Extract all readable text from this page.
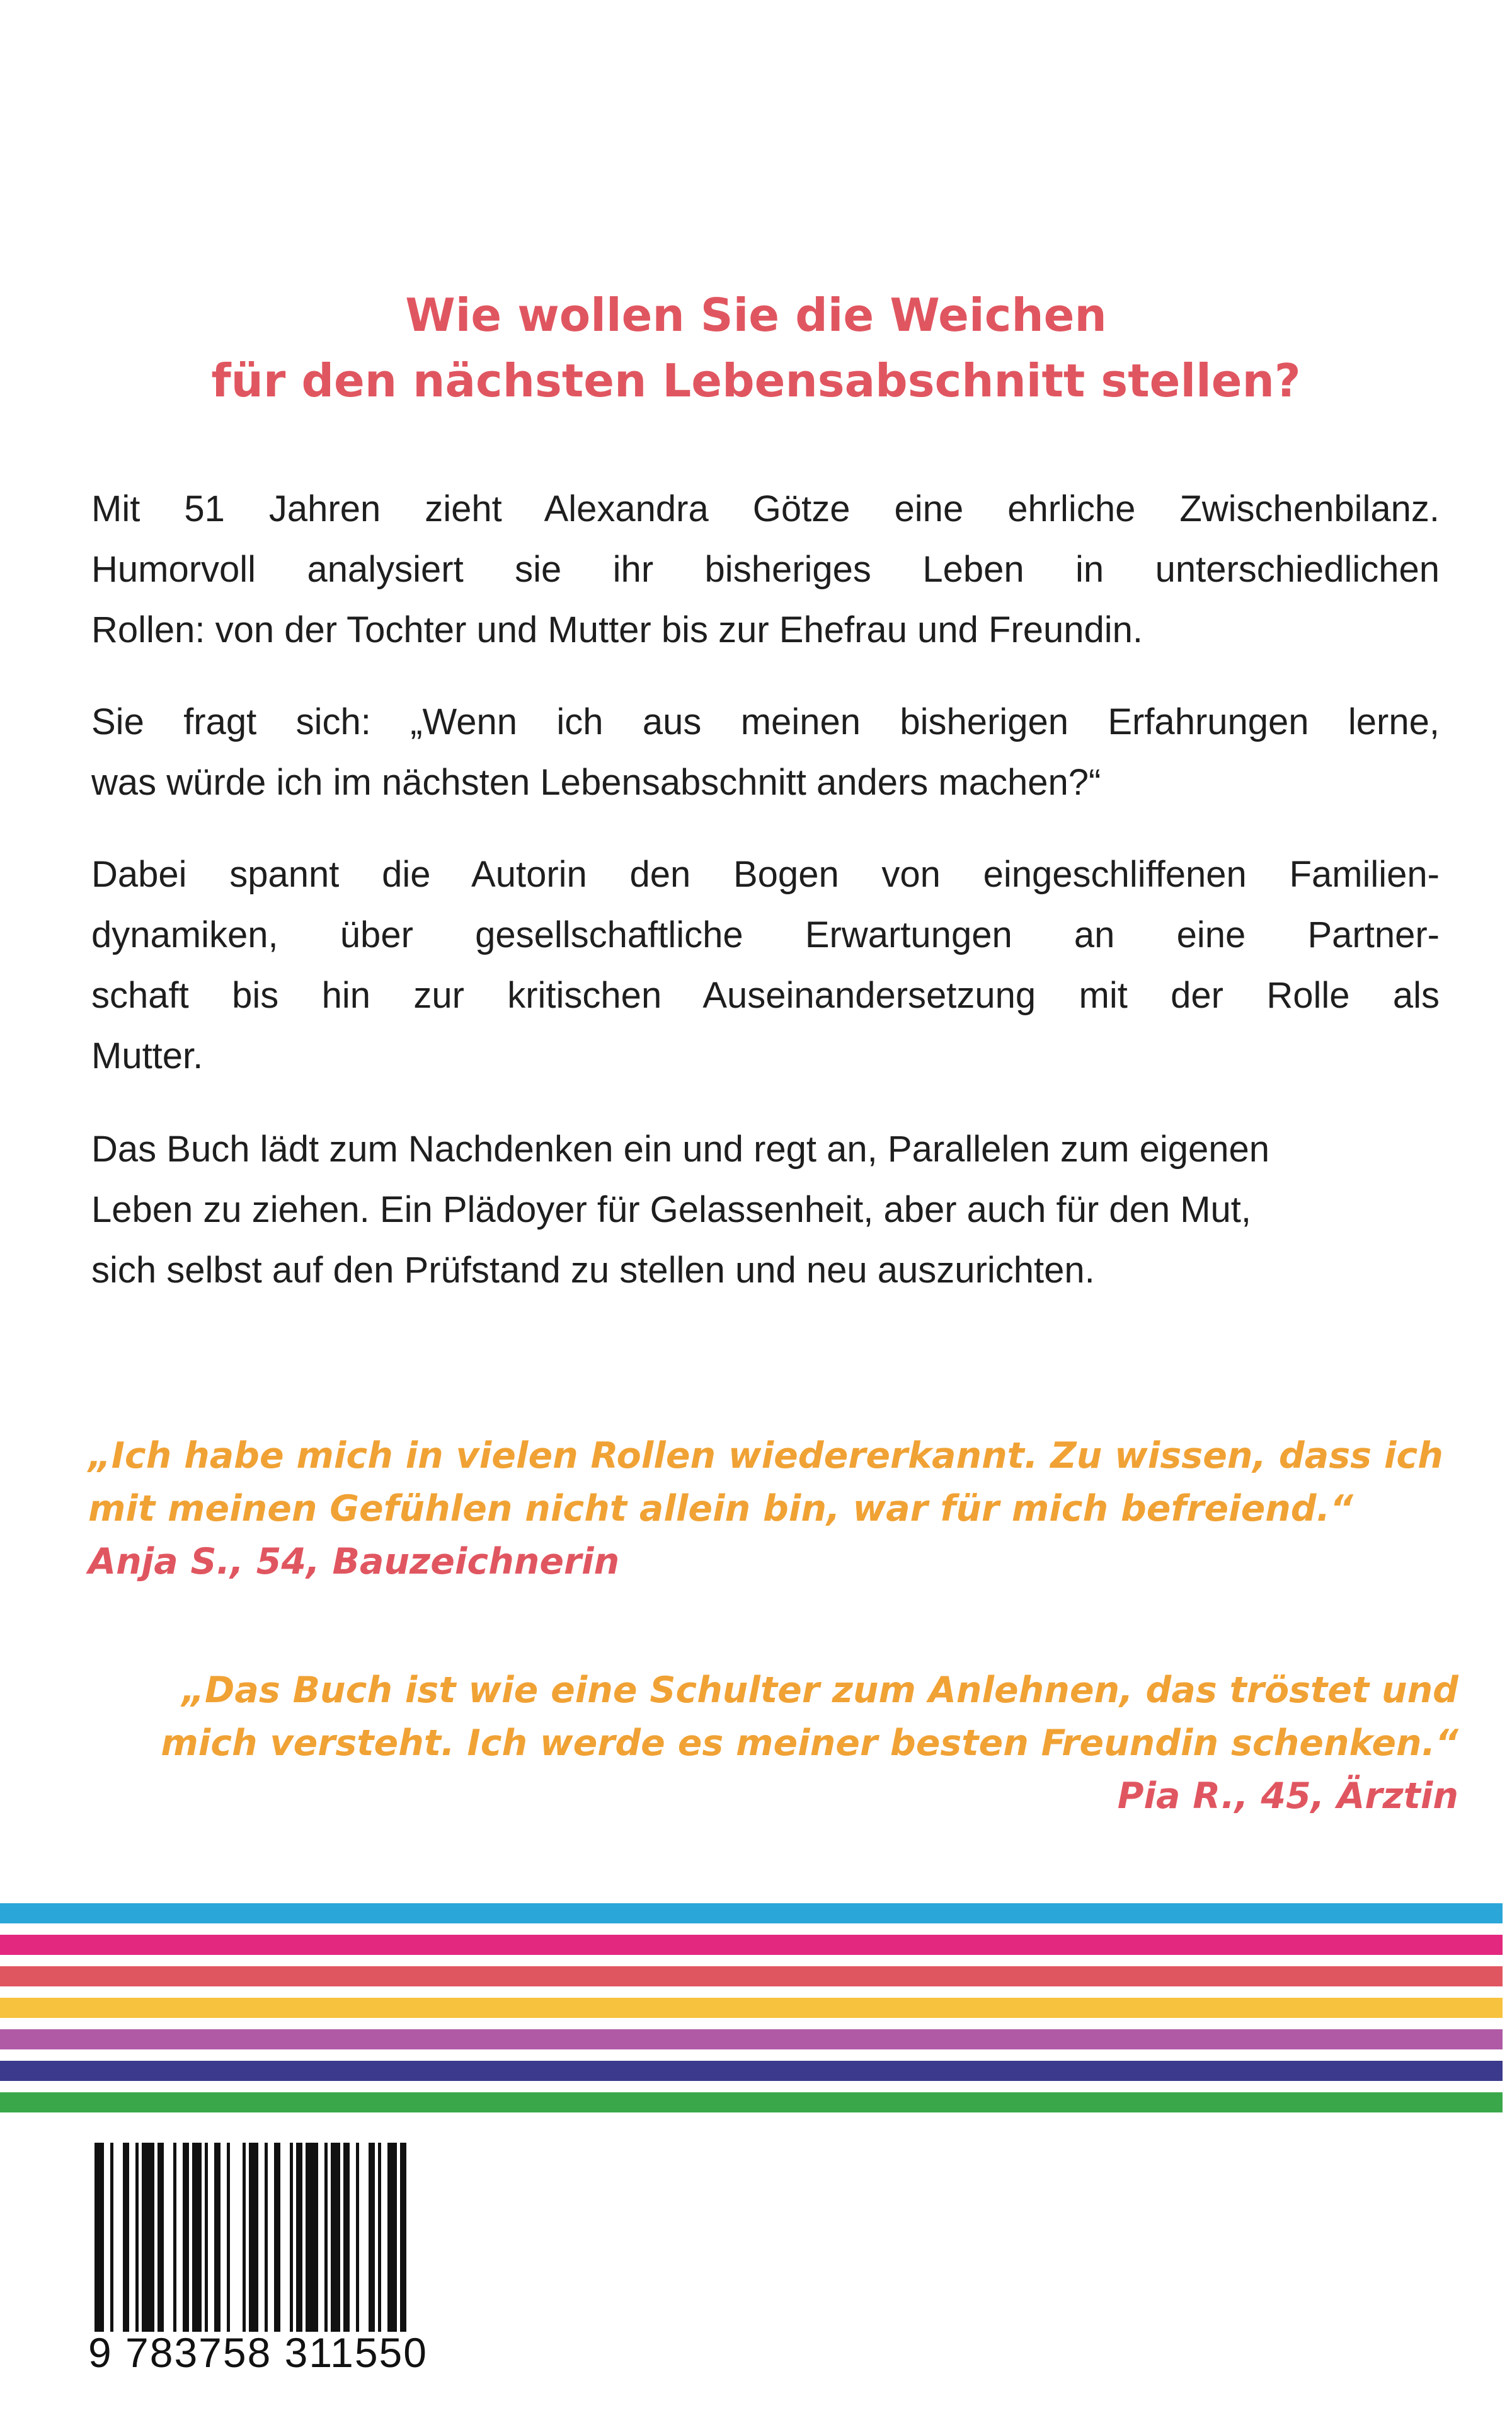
Wie wollen Sie die Weichen
für den nächsten Lebensabschnitt stellen?
Mit 51 Jahren zieht Alexandra Götze eine ehrliche Zwischenbilanz.
Humorvoll analysiert sie ihr bisheriges Leben in unterschiedlichen
Rollen: von der Tochter und Mutter bis zur Ehefrau und Freundin.
Sie fragt sich: „Wenn ich aus meinen bisherigen Erfahrungen lerne,
was würde ich im nächsten Lebensabschnitt anders machen?“
Dabei spannt die Autorin den Bogen von eingeschliffenen Familien-
dynamiken, über gesellschaftliche Erwartungen an eine Partner-
schaft bis hin zur kritischen Auseinandersetzung mit der Rolle als
Mutter.
Das Buch lädt zum Nachdenken ein und regt an, Parallelen zum eigenen
Leben zu ziehen. Ein Plädoyer für Gelassenheit, aber auch für den Mut,
sich selbst auf den Prüfstand zu stellen und neu auszurichten.
„Ich habe mich in vielen Rollen wiedererkannt. Zu wissen, dass ich
mit meinen Gefühlen nicht allein bin, war für mich befreiend.“
Anja S., 54, Bauzeichnerin
„Das Buch ist wie eine Schulter zum Anlehnen, das tröstet und
mich versteht. Ich werde es meiner besten Freundin schenken.“
Pia R., 45, Ärztin
9 783758 311550
